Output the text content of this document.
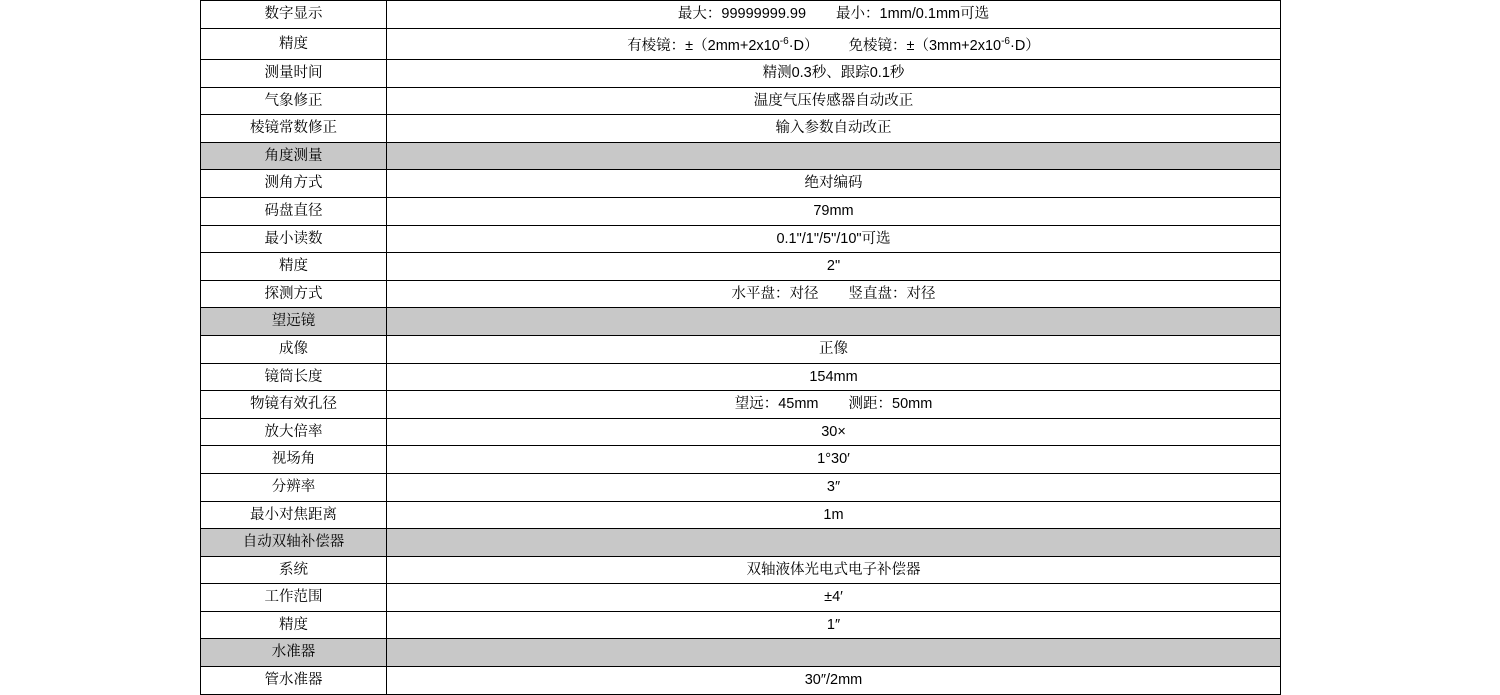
数字显示	最大：99999999.99 最小：1mm/0.1mm可选
精度	有棱镜：$\pm(2mm+2x10^{-6}\cdot D)$ 免棱镜：$\pm(3mm+2x10^{-6}\cdot D)$
测量时间	精测0.3秒、跟踪0.1秒
气象修正	温度气压传感器自动改正
棱镜常数修正	输入参数自动改正
角度测量	
测角方式	绝对编码
码盘直径	79mm
最小读数	0.1"/1"/5"/10"可选
精度	2"
探测方式	水平盘：对径 竖直盘：对径
望远镜	
成像	正像
镜筒长度	154mm
物镜有效孔径	望远：45mm 测距：50mm
放大倍率	30×
视场角	1°30′
分辨率	3″
最小对焦距离	1m
自动双轴补偿器	
系统	双轴液体光电式电子补偿器
工作范围	±4′
精度	1″
水准器	
管水准器	30″/2mm
